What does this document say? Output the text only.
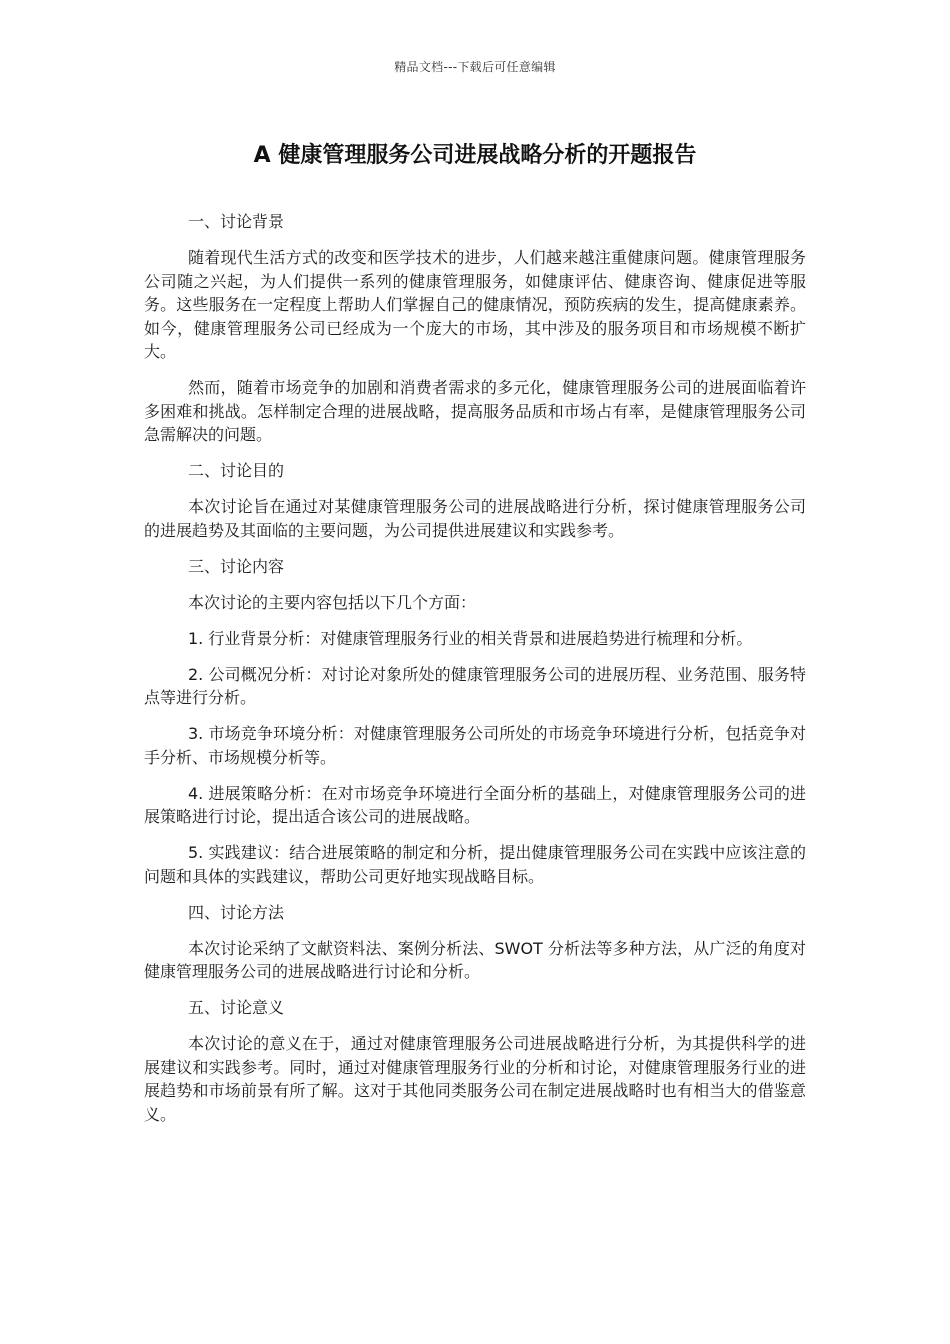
精品文档---下载后可任意编辑
A 健康管理服务公司进展战略分析的开题报告

一、讨论背景

随着现代生活方式的改变和医学技术的进步，人们越来越注重健康问题。健康管理服务公司随之兴起，为人们提供一系列的健康管理服务，如健康评估、健康咨询、健康促进等服务。这些服务在一定程度上帮助人们掌握自己的健康情况，预防疾病的发生，提高健康素养。如今，健康管理服务公司已经成为一个庞大的市场，其中涉及的服务项目和市场规模不断扩大。

然而，随着市场竞争的加剧和消费者需求的多元化，健康管理服务公司的进展面临着许多困难和挑战。怎样制定合理的进展战略，提高服务品质和市场占有率，是健康管理服务公司急需解决的问题。

二、讨论目的

本次讨论旨在通过对某健康管理服务公司的进展战略进行分析，探讨健康管理服务公司的进展趋势及其面临的主要问题，为公司提供进展建议和实践参考。

三、讨论内容

本次讨论的主要内容包括以下几个方面：

1. 行业背景分析：对健康管理服务行业的相关背景和进展趋势进行梳理和分析。

2. 公司概况分析：对讨论对象所处的健康管理服务公司的进展历程、业务范围、服务特点等进行分析。

3. 市场竞争环境分析：对健康管理服务公司所处的市场竞争环境进行分析，包括竞争对手分析、市场规模分析等。

4. 进展策略分析：在对市场竞争环境进行全面分析的基础上，对健康管理服务公司的进展策略进行讨论，提出适合该公司的进展战略。

5. 实践建议：结合进展策略的制定和分析，提出健康管理服务公司在实践中应该注意的问题和具体的实践建议，帮助公司更好地实现战略目标。

四、讨论方法

本次讨论采纳了文献资料法、案例分析法、SWOT 分析法等多种方法，从广泛的角度对健康管理服务公司的进展战略进行讨论和分析。

五、讨论意义

本次讨论的意义在于，通过对健康管理服务公司进展战略进行分析，为其提供科学的进展建议和实践参考。同时，通过对健康管理服务行业的分析和讨论，对健康管理服务行业的进展趋势和市场前景有所了解。这对于其他同类服务公司在制定进展战略时也有相当大的借鉴意义。
